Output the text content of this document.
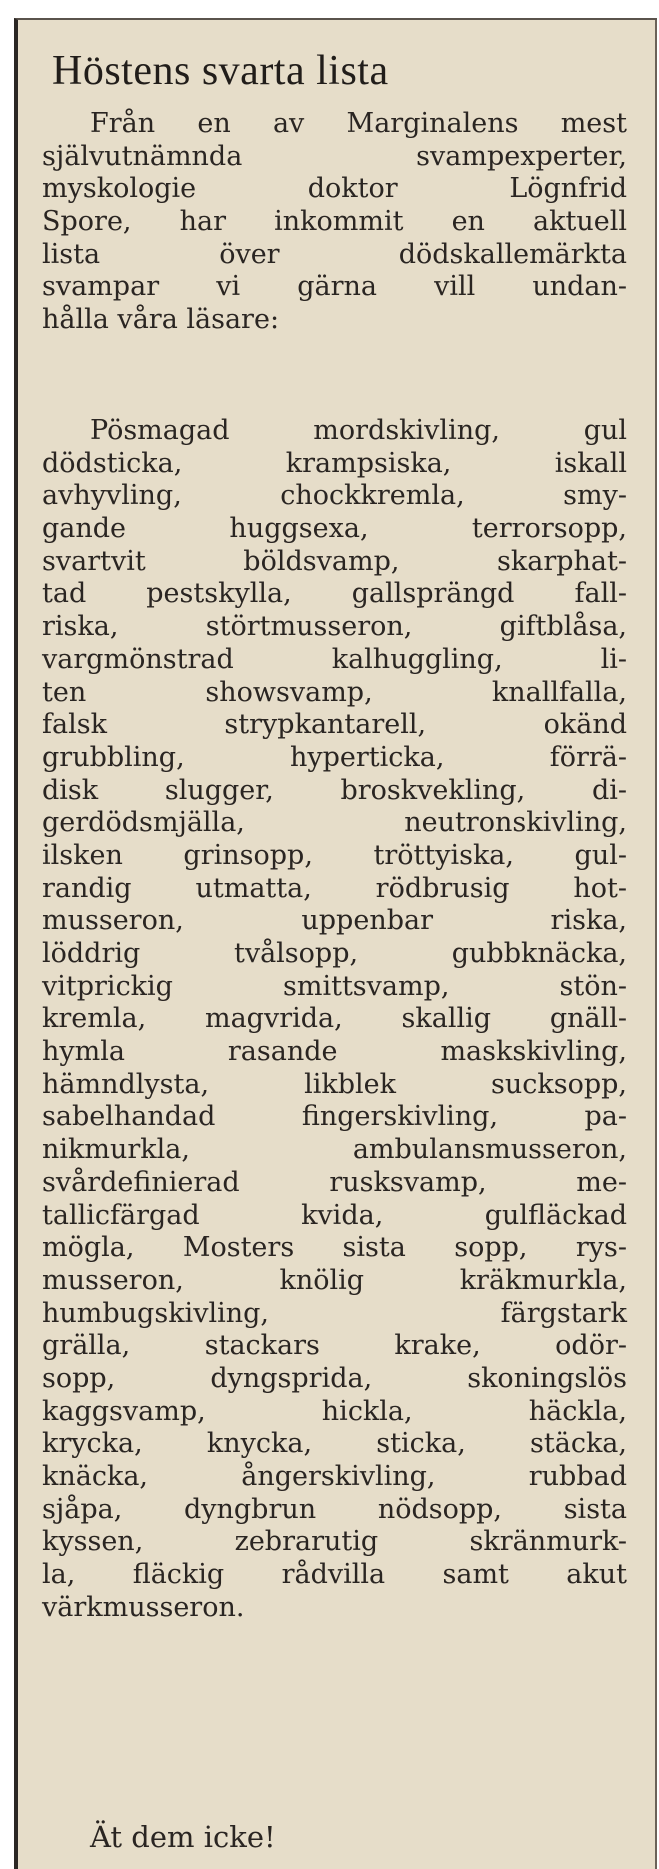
Höstens svarta lista
Från en av Marginalens mest
självutnämnda svampexperter,
myskologie doktor Lögnfrid
Spore, har inkommit en aktuell
lista över dödskallemärkta
svampar vi gärna vill undan-
hålla våra läsare:
Pösmagad mordskivling, gul
dödsticka, krampsiska, iskall
avhyvling, chockkremla, smy-
gande huggsexa, terrorsopp,
svartvit böldsvamp, skarphat-
tad pestskylla, gallsprängd fall-
riska, störtmusseron, giftblåsa,
vargmönstrad kalhuggling, li-
ten showsvamp, knallfalla,
falsk strypkantarell, okänd
grubbling, hyperticka, förrä-
disk slugger, broskvekling, di-
gerdödsmjälla, neutronskivling,
ilsken grinsopp, tröttyiska, gul-
randig utmatta, rödbrusig hot-
musseron, uppenbar riska,
löddrig tvålsopp, gubbknäcka,
vitprickig smittsvamp, stön-
kremla, magvrida, skallig gnäll-
hymla rasande maskskivling,
hämndlysta, likblek sucksopp,
sabelhandad fingerskivling, pa-
nikmurkla, ambulansmusseron,
svårdefinierad rusksvamp, me-
tallicfärgad kvida, gulfläckad
mögla, Mosters sista sopp, rys-
musseron, knölig kräkmurkla,
humbugskivling, färgstark
grälla, stackars krake, odör-
sopp, dyngsprida, skoningslös
kaggsvamp, hickla, häckla,
krycka, knycka, sticka, stäcka,
knäcka, ångerskivling, rubbad
sjåpa, dyngbrun nödsopp, sista
kyssen, zebrarutig skränmurk-
la, fläckig rådvilla samt akut
värkmusseron.
Ät dem icke!
